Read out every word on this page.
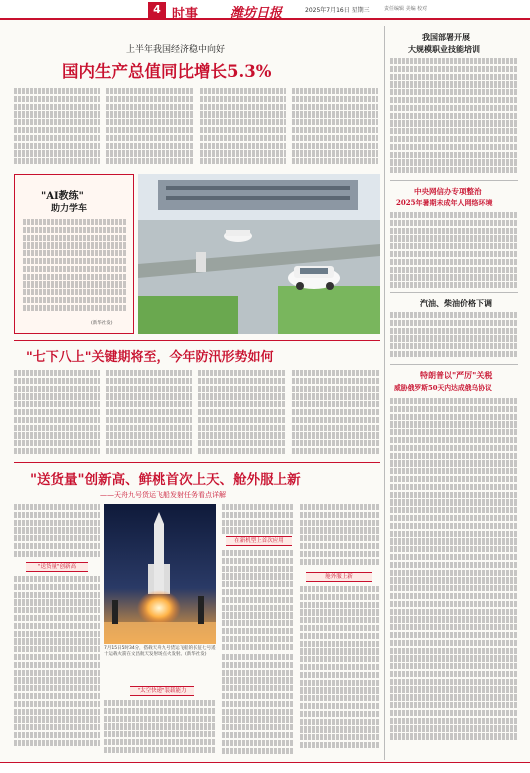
4 时事 潍坊日报	2025年7月16日 星期三	责任编辑 美编 校对
上半年我国经济稳中向好
国内生产总值同比增长5.3%
"AI教练"
助力学车
(新华社发)
"七下八上"关键期将至，今年防汛形势如何
"送货量"创新高、鲜桃首次上天、舱外服上新
——天舟九号货运飞船发射任务看点详解
"送货量"创新高
7月15日5时34分，搭载天舟九号货运飞船的长征七号遥十运载火箭在文昌航天发射场点火发射。(新华社发)
"太空快递"装载能力
在新机型上首次应用
舱外服上新
我国部署开展
大规模职业技能培训
中央网信办专项整治
2025年暑期未成年人网络环境
汽油、柴油价格下调
特朗普以"严厉"关税
威胁俄罗斯50天内达成俄乌协议
